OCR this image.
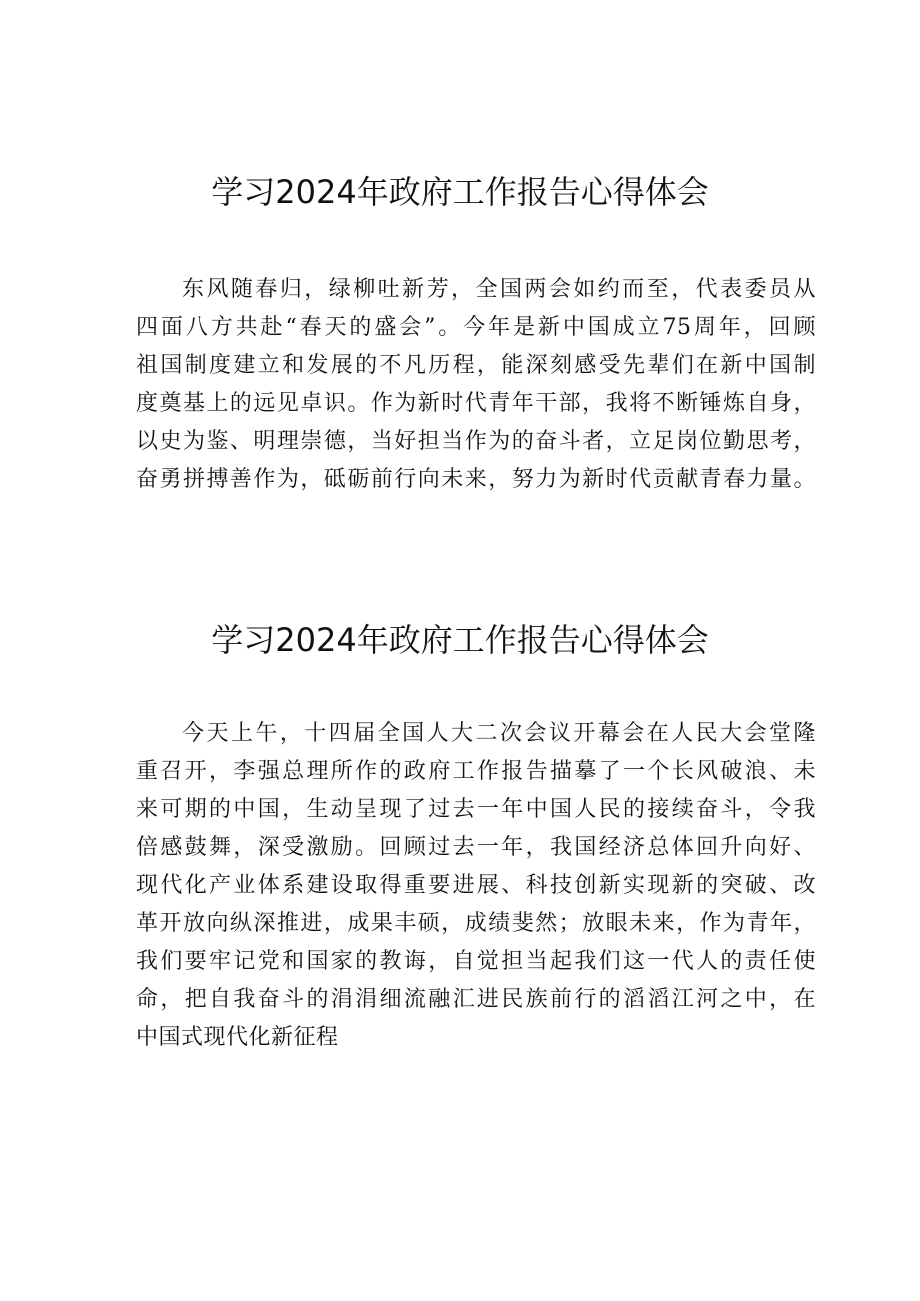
学习2024年政府工作报告心得体会
东风随春归，绿柳吐新芳，全国两会如约而至，代表委员从
四面八方共赴“春天的盛会”。今年是新中国成立75周年，回顾
祖国制度建立和发展的不凡历程，能深刻感受先辈们在新中国制
度奠基上的远见卓识。作为新时代青年干部，我将不断锤炼自身，
以史为鉴、明理崇德，当好担当作为的奋斗者，立足岗位勤思考，
奋勇拼搏善作为，砥砺前行向未来，努力为新时代贡献青春力量。
学习2024年政府工作报告心得体会
今天上午，十四届全国人大二次会议开幕会在人民大会堂隆
重召开，李强总理所作的政府工作报告描摹了一个长风破浪、未
来可期的中国，生动呈现了过去一年中国人民的接续奋斗，令我
倍感鼓舞，深受激励。回顾过去一年，我国经济总体回升向好、
现代化产业体系建设取得重要进展、科技创新实现新的突破、改
革开放向纵深推进，成果丰硕，成绩斐然；放眼未来，作为青年，
我们要牢记党和国家的教诲，自觉担当起我们这一代人的责任使
命，把自我奋斗的涓涓细流融汇进民族前行的滔滔江河之中，在
中国式现代化新征程
